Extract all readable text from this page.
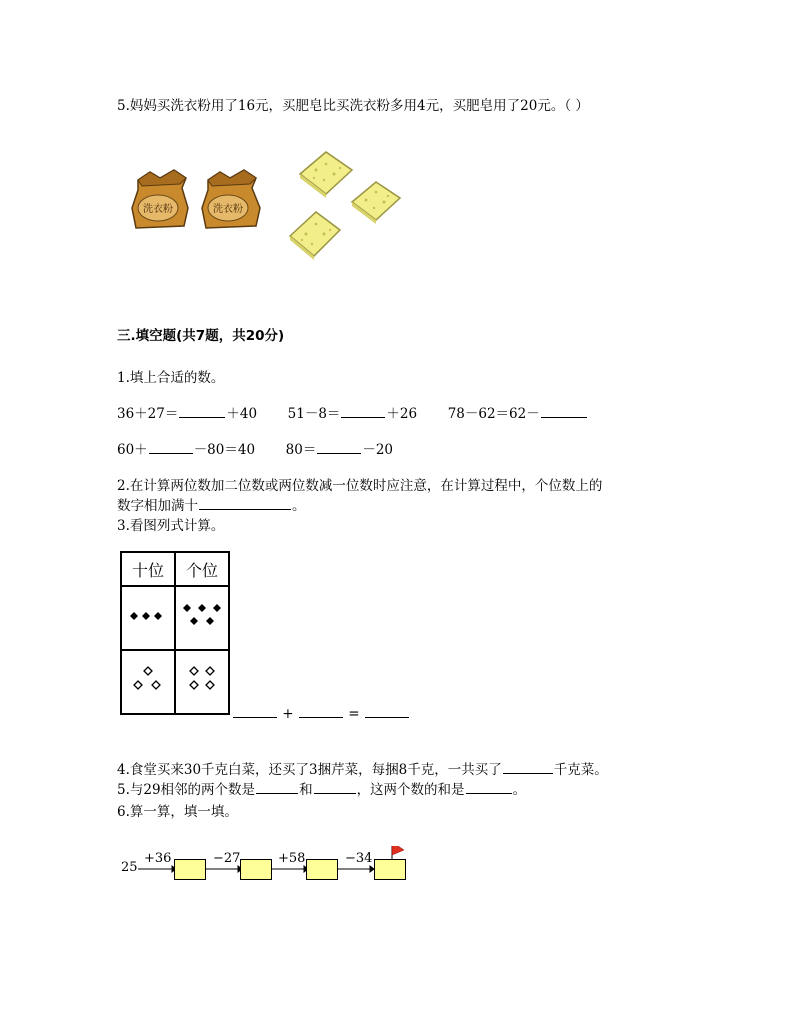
5.妈妈买洗衣粉用了16元，买肥皂比买洗衣粉多用4元，买肥皂用了20元。（ ）
洗衣粉	洗衣粉
三.填空题(共7题，共20分)
1.填上合适的数。
36＋27＝	＋40 51－8＝	＋26 78－62＝62－
60＋	－80＝40 80＝	－20
2.在计算两位数加二位数或两位数减一位数时应注意，在计算过程中，个位数上的
数字相加满十	。
3.看图列式计算。
十位	个位

+	=
4.食堂买来30千克白菜，还买了3捆芹菜，每捆8千克，一共买了	千克菜。
5.与29相邻的两个数是	和	，这两个数的和是	。
6.算一算，填一填。
25
+36	−27	+58	−34
